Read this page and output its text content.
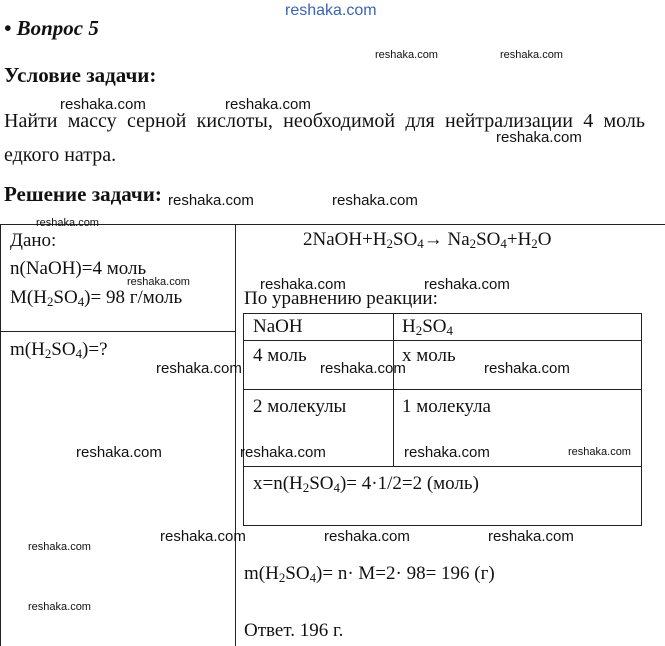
reshaka.com
• Вопрос 5
Условие задачи:
Найти массу серной кислоты, необходимой для нейтрализации 4 моль едкого натра.
Решение задачи:
Дано:
n(NaOH)=4 моль
$M(H_2SO_4)= 98$ г/моль
$m(H_2SO_4)=$?
$2NaOH+H_2SO_4\to Na_2SO_4+H_2O$
По уравнению реакции:
NaOH	$H_2SO_4$
4 моль	х моль
2 молекулы	1 молекула
$x=n(H_2SO_4)= 4\cdot 1/2=2$ (моль)
$m(H_2SO_4)= n\cdot M=2\cdot 98= 196$ (г)
Ответ. 196 г.
reshaka.com	reshaka.com
reshaka.com	reshaka.com
reshaka.com
reshaka.com	reshaka.com
reshaka.com
reshaka.com	reshaka.com	reshaka.com
reshaka.com	reshaka.com	reshaka.com
reshaka.com	reshaka.com	reshaka.com	reshaka.com
reshaka.com
reshaka.com	reshaka.com	reshaka.com
reshaka.com
